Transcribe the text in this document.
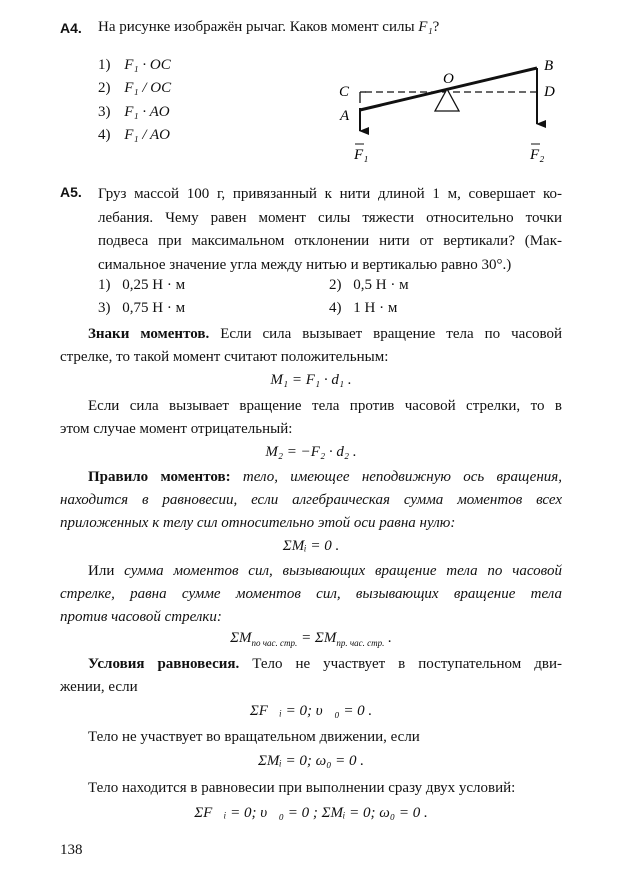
А4. На рисунке изображён рычаг. Каков момент силы F₁?
1) F₁ · OC
2) F₁ / OC
3) F₁ · AO
4) F₁ / AO
O
B
C	D
A
F₁	F₂
А5. Груз массой 100 г, привязанный к нити длиной 1 м, совершает ко-
лебания. Чему равен момент силы тяжести относительно точки
подвеса при максимальном отклонении нити от вертикали? (Мак-
симальное значение угла между нитью и вертикалью равно 30°.)
1) 0,25 Н · м	2) 0,5 Н · м
3) 0,75 Н · м	4) 1 Н · м
Знаки моментов. Если сила вызывает вращение тела по часовой
стрелке, то такой момент считают положительным:
M₁ = F₁ · d₁ .
Если сила вызывает вращение тела против часовой стрелки, то в
этом случае момент отрицательный:
M₂ = −F₂ · d₂ .
Правило моментов: тело, имеющее неподвижную ось вращения,
находится в равновесии, если алгебраическая сумма моментов всех
приложенных к телу сил относительно этой оси равна нулю:
ΣMᵢ = 0 .
Или сумма моментов сил, вызывающих вращение тела по часовой
стрелке, равна сумме моментов сил, вызывающих вращение тела
против часовой стрелки:
$\Sigma M_{по час. стр.} = \Sigma M_{пр. час. стр.}$ .
Условия равновесия. Тело не участвует в поступательном дви-
жении, если
ΣF⃗ᵢ = 0; υ⃗₀ = 0 .
Тело не участвует во вращательном движении, если
ΣMᵢ = 0; ω₀ = 0 .
Тело находится в равновесии при выполнении сразу двух условий:
ΣF⃗ᵢ = 0; υ⃗₀ = 0 ; ΣMᵢ = 0; ω₀ = 0 .
138
